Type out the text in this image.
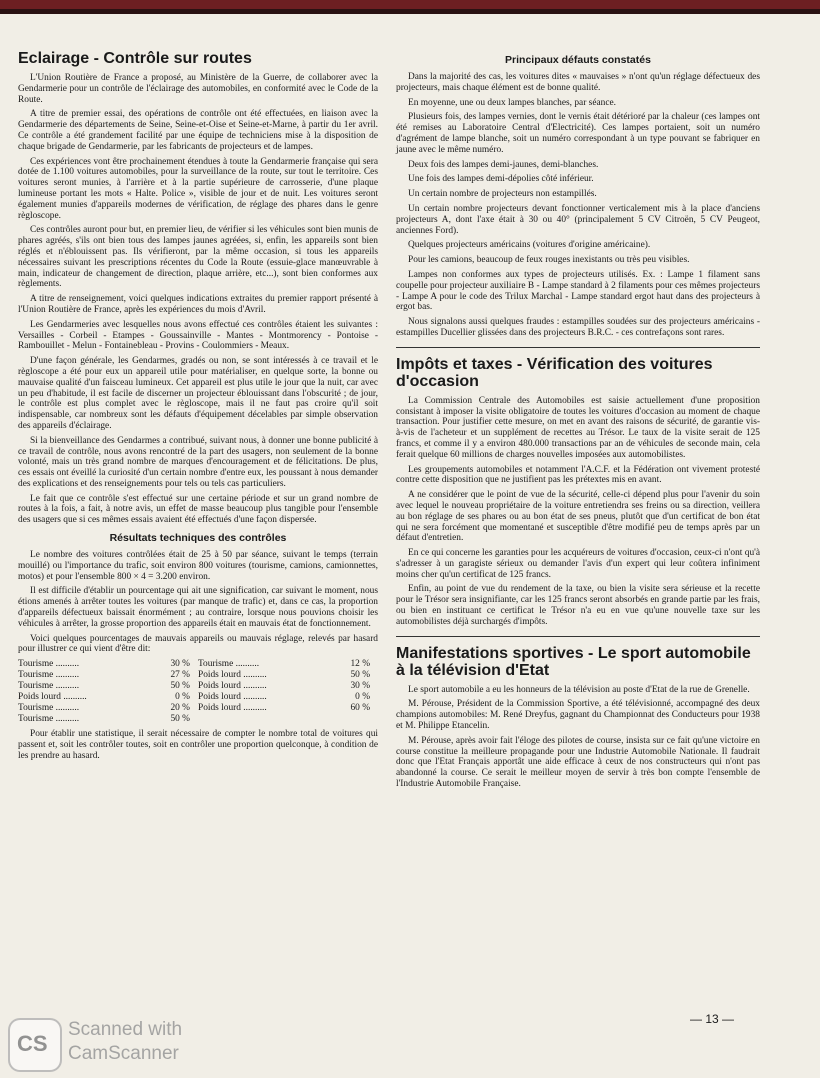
Eclairage - Contrôle sur routes

L'Union Routière de France a proposé, au Ministère de la Guerre, de collaborer avec la Gendarmerie pour un contrôle de l'éclairage des automobiles, en conformité avec le Code de la Route.

A titre de premier essai, des opérations de contrôle ont été effectuées, en liaison avec la Gendarmerie des départements de Seine, Seine-et-Oise et Seine-et-Marne, à partir du 1er avril. Ce contrôle a été grandement facilité par une équipe de techniciens mise à la disposition de chaque brigade de Gendarmerie, par les fabricants de projecteurs et de lampes.

Ces expériences vont être prochainement étendues à toute la Gendarmerie française qui sera dotée de 1.100 voitures automobiles, pour la surveillance de la route, sur tout le territoire. Ces voitures seront munies, à l'arrière et à la partie supérieure de carrosserie, d'une plaque lumineuse portant les mots « Halte. Police », visible de jour et de nuit. Les voitures seront également munies d'appareils modernes de vérification, de réglage des phares dans le genre règloscope.

Ces contrôles auront pour but, en premier lieu, de vérifier si les véhicules sont bien munis de phares agréés, s'ils ont bien tous des lampes jaunes agréées, si, enfin, les appareils sont bien réglés et n'éblouissent pas. Ils vérifieront, par la même occasion, si tous les appareils nécessaires suivant les prescriptions récentes du Code la Route (essuie-glace manœuvrable à main, indicateur de changement de direction, plaque arrière, etc...), sont bien conformes aux règlements.

A titre de renseignement, voici quelques indications extraites du premier rapport présenté à l'Union Routière de France, après les expériences du mois d'Avril.

Les Gendarmeries avec lesquelles nous avons effectué ces contrôles étaient les suivantes : Versailles - Corbeil - Etampes - Goussainville - Mantes - Montmorency - Pontoise - Rambouillet - Melun - Fontainebleau - Provins - Coulommiers - Meaux.

D'une façon générale, les Gendarmes, gradés ou non, se sont intéressés à ce travail et le règloscope a été pour eux un appareil utile pour matérialiser, en quelque sorte, la bonne ou mauvaise qualité d'un faisceau lumineux. Cet appareil est plus utile le jour que la nuit, car avec un peu d'habitude, il est facile de discerner un projecteur éblouissant dans l'obscurité ; de jour, le contrôle est plus complet avec le règloscope, mais il ne faut pas croire qu'il soit indispensable, car nombreux sont les défauts d'équipement décelables par simple observation des appareils d'éclairage.

Si la bienveillance des Gendarmes a contribué, suivant nous, à donner une bonne publicité à ce travail de contrôle, nous avons rencontré de la part des usagers, non seulement de la bonne volonté, mais un très grand nombre de marques d'encouragement et de félicitations. De plus, ces essais ont éveillé la curiosité d'un certain nombre d'entre eux, les poussant à nous demander des explications et des renseignements pour tels ou tels cas particuliers.

Le fait que ce contrôle s'est effectué sur une certaine période et sur un grand nombre de routes à la fois, a fait, à notre avis, un effet de masse beaucoup plus tangible pour l'ensemble des usagers que si ces mêmes essais avaient été effectués d'une façon dispersée.

Résultats techniques des contrôles

Le nombre des voitures contrôlées était de 25 à 50 par séance, suivant le temps (terrain mouillé) ou l'importance du trafic, soit environ 800 voitures (tourisme, camions, camionnettes, motos) et pour l'ensemble 800 × 4 = 3.200 environ.

Il est difficile d'établir un pourcentage qui ait une signification, car suivant le moment, nous étions amenés à arrêter toutes les voitures (par manque de trafic) et, dans ce cas, la proportion d'appareils défectueux baissait énormément ; au contraire, lorsque nous pouvions choisir les véhicules à arrêter, la grosse proportion des appareils était en mauvais état de fonctionnement.

Voici quelques pourcentages de mauvais appareils ou mauvais réglage, relevés par hasard pour illustrer ce qui vient d'être dit:

Tourisme ..........	30 %	Tourisme ..........	12 %
Tourisme ..........	27 %	Poids lourd ..........	50 %
Tourisme ..........	50 %	Poids lourd ..........	30 %
Poids lourd ..........	0 %	Poids lourd ..........	0 %
Tourisme ..........	20 %	Poids lourd ..........	60 %
Tourisme ..........	50 %		

Pour établir une statistique, il serait nécessaire de compter le nombre total de voitures qui passent et, soit les contrôler toutes, soit en contrôler une proportion quelconque, à condition de les prendre au hasard.

Principaux défauts constatés

Dans la majorité des cas, les voitures dites « mauvaises » n'ont qu'un réglage défectueux des projecteurs, mais chaque élément est de bonne qualité.

En moyenne, une ou deux lampes blanches, par séance.

Plusieurs fois, des lampes vernies, dont le vernis était détérioré par la chaleur (ces lampes ont été remises au Laboratoire Central d'Electricité). Ces lampes portaient, soit un numéro d'agrément de lampe blanche, soit un numéro correspondant à un type pouvant se fabriquer en jaune avec le même numéro.

Deux fois des lampes demi-jaunes, demi-blanches.

Une fois des lampes demi-dépolies côté inférieur.

Un certain nombre de projecteurs non estampillés.

Un certain nombre projecteurs devant fonctionner verticalement mis à la place d'anciens projecteurs A, dont l'axe était à 30 ou 40° (principalement 5 CV Citroën, 5 CV Peugeot, anciennes Ford).

Quelques projecteurs américains (voitures d'origine américaine).

Pour les camions, beaucoup de feux rouges inexistants ou très peu visibles.

Lampes non conformes aux types de projecteurs utilisés. Ex. : Lampe 1 filament sans coupelle pour projecteur auxiliaire B - Lampe standard à 2 filaments pour ces mêmes projecteurs - Lampe A pour le code des Trilux Marchal - Lampe standard ergot haut dans des projecteurs à ergot bas.

Nous signalons aussi quelques fraudes : estampilles soudées sur des projecteurs américains - estampilles Ducellier glissées dans des projecteurs B.R.C. - ces contrefaçons sont rares.

Impôts et taxes - Vérification des voitures d'occasion

La Commission Centrale des Automobiles est saisie actuellement d'une proposition consistant à imposer la visite obligatoire de toutes les voitures d'occasion au moment de chaque transaction. Pour justifier cette mesure, on met en avant des raisons de sécurité, de garantie vis-à-vis de l'acheteur et un supplément de recettes au Trésor. Le taux de la visite serait de 125 francs, et comme il y a environ 480.000 transactions par an de véhicules de seconde main, cela ferait quelque 60 millions de charges nouvelles imposées aux automobilistes.

Les groupements automobiles et notamment l'A.C.F. et la Fédération ont vivement protesté contre cette disposition que ne justifient pas les prétextes mis en avant.

A ne considérer que le point de vue de la sécurité, celle-ci dépend plus pour l'avenir du soin avec lequel le nouveau propriétaire de la voiture entretiendra ses freins ou sa direction, veillera au bon réglage de ses phares ou au bon état de ses pneus, plutôt que d'un certificat de bon état qui ne sera forcément que momentané et susceptible d'être modifié peu de temps après par un défaut d'entretien.

En ce qui concerne les garanties pour les acquéreurs de voitures d'occasion, ceux-ci n'ont qu'à s'adresser à un garagiste sérieux ou demander l'avis d'un expert qui leur coûtera infiniment moins cher qu'un certificat de 125 francs.

Enfin, au point de vue du rendement de la taxe, ou bien la visite sera sérieuse et la recette pour le Trésor sera insignifiante, car les 125 francs seront absorbés en grande partie par les frais, ou bien en instituant ce certificat le Trésor n'a eu en vue qu'une nouvelle taxe sur les automobilistes déjà surchargés d'impôts.

Manifestations sportives - Le sport automobile à la télévision d'Etat

Le sport automobile a eu les honneurs de la télévision au poste d'Etat de la rue de Grenelle.

M. Pérouse, Président de la Commission Sportive, a été télévisionné, accompagné des deux champions automobiles: M. René Dreyfus, gagnant du Championnat des Conducteurs pour 1938 et M. Philippe Etancelin.

M. Pérouse, après avoir fait l'éloge des pilotes de course, insista sur ce fait qu'une victoire en course constitue la meilleure propagande pour une Industrie Automobile Nationale. Il faudrait donc que l'Etat Français apportât une aide efficace à ceux de nos constructeurs qui n'ont pas abandonné la course. Ce serait le meilleur moyen de servir à très bon compte l'ensemble de l'Industrie Automobile Française.

— 13 —
CS
Scanned with
CamScanner
